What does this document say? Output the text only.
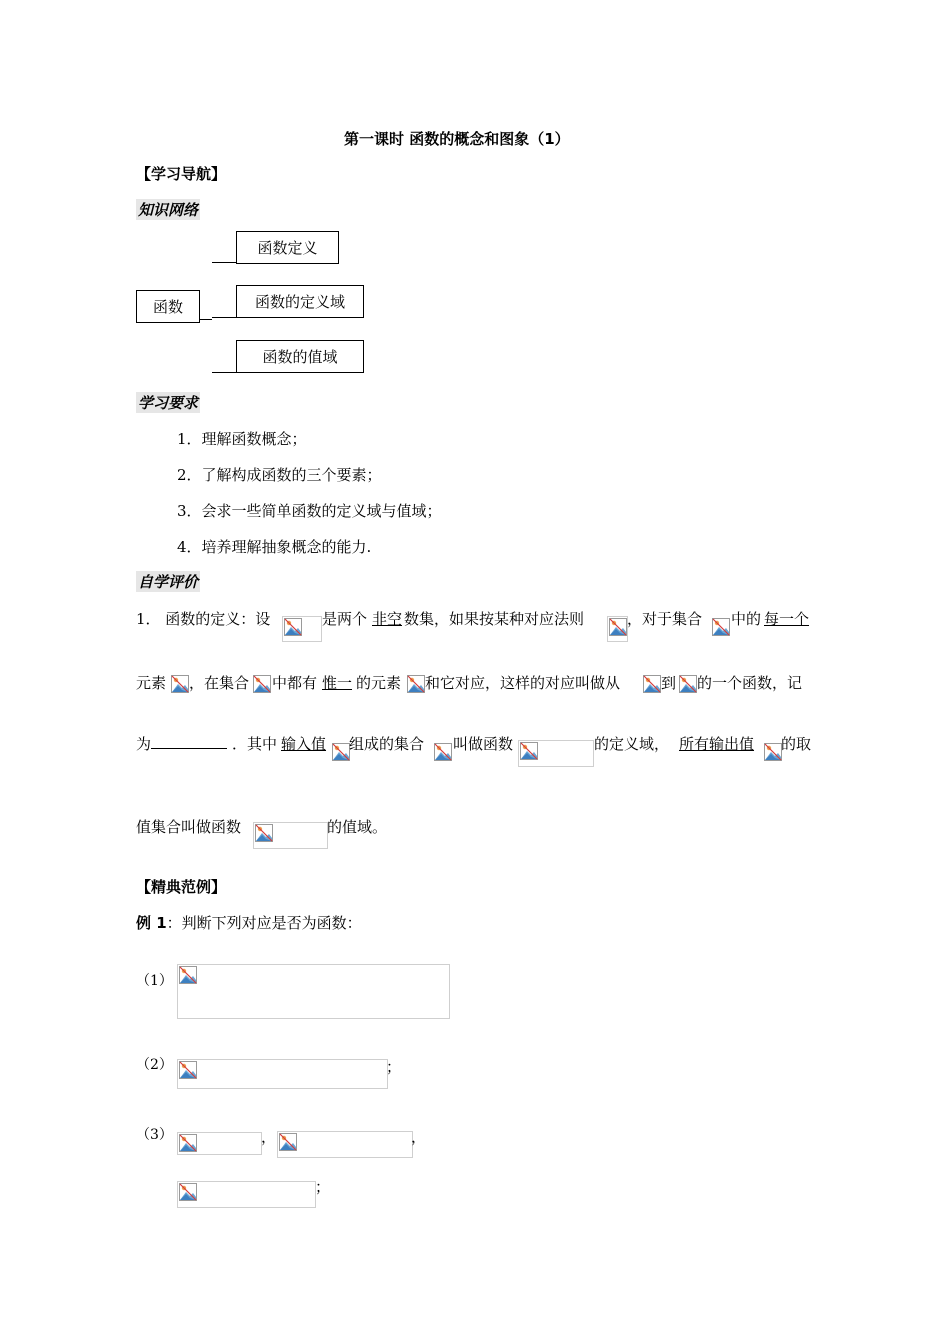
第一课时 函数的概念和图象（1）
【学习导航】
知识网络
函数
函数定义
函数的定义域
函数的值域
学习要求
1．理解函数概念；
2．了解构成函数的三个要素；
3．会求一些简单函数的定义域与值域；
4．培养理解抽象概念的能力.
自学评价
1． 函数的定义：设	是两个 非空 数集，如果按某种对应法则	，对于集合 中的 每一个
元素 ，在集合 中都有 惟一 的元素 和它对应，这样的对应叫做从	到 的一个函数，记
为	．其中 输入值 组成的集合 叫做函数	的定义域， 所有输出值 的取
值集合叫做函数	的值域。
【精典范例】
例 1：判断下列对应是否为函数：
（1）
（2）	；
（3）	，	，
；
